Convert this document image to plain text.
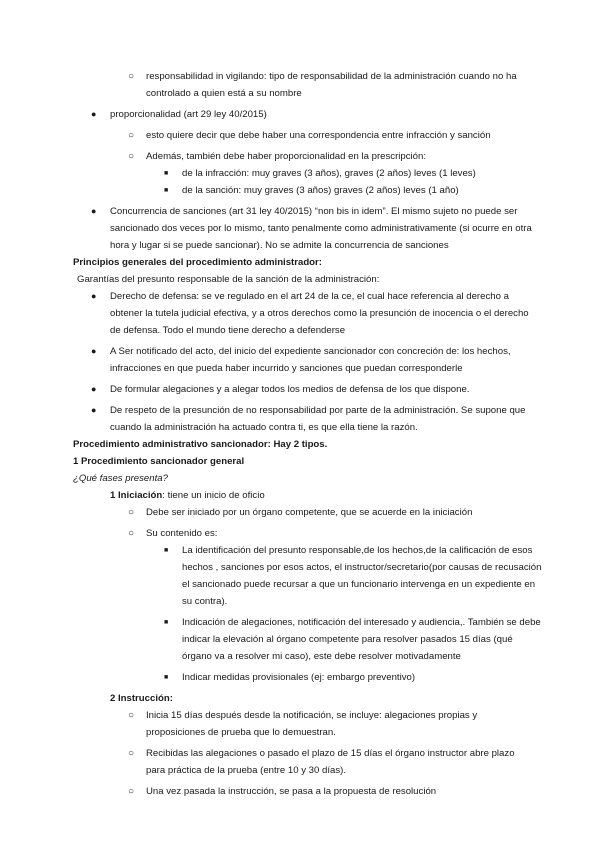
○ responsabilidad in vigilando: tipo de responsabilidad de la administración cuando no ha controlado a quien está a su nombre
● proporcionalidad (art 29 ley 40/2015)
○ esto quiere decir que debe haber una correspondencia entre infracción y sanción
○ Además, también debe haber proporcionalidad en la prescripción:
■ de la infracción: muy graves (3 años), graves (2 años) leves (1 leves)
■ de la sanción: muy graves (3 años) graves (2 años) leves (1 año)
● Concurrencia de sanciones (art 31 ley 40/2015) “non bis in idem”. El mismo sujeto no puede ser sancionado dos veces por lo mismo, tanto penalmente como administrativamente (si ocurre en otra hora y lugar si se puede sancionar). No se admite la concurrencia de sanciones
Principios generales del procedimiento administrador:
Garantías del presunto responsable de la sanción de la administración:
● Derecho de defensa: se ve regulado en el art 24 de la ce, el cual hace referencia al derecho a obtener la tutela judicial efectiva, y a otros derechos como la presunción de inocencia o el derecho de defensa. Todo el mundo tiene derecho a defenderse
● A Ser notificado del acto, del inicio del expediente sancionador con concreción de: los hechos, infracciones en que pueda haber incurrido y sanciones que puedan corresponderle
● De formular alegaciones y a alegar todos los medios de defensa de los que dispone.
● De respeto de la presunción de no responsabilidad por parte de la administración. Se supone que cuando la administración ha actuado contra ti, es que ella tiene la razón.
Procedimiento administrativo sancionador: Hay 2 tipos.
1 Procedimiento sancionador general
¿Qué fases presenta?
1 Iniciación: tiene un inicio de oficio
○ Debe ser iniciado por un órgano competente, que se acuerde en la iniciación
○ Su contenido es:
■ La identificación del presunto responsable,de los hechos,de la calificación de esos hechos , sanciones por esos actos, el instructor/secretario(por causas de recusación el sancionado puede recursar a que un funcionario intervenga en un expediente en su contra).
■ Indicación de alegaciones, notificación del interesado y audiencia,. También se debe indicar la elevación al órgano competente para resolver pasados 15 días (qué órgano va a resolver mi caso), este debe resolver motivadamente
■ Indicar medidas provisionales (ej: embargo preventivo)
2 Instrucción:
○ Inicia 15 días después desde la notificación, se incluye: alegaciones propias y proposiciones de prueba que lo demuestran.
○ Recibidas las alegaciones o pasado el plazo de 15 días el órgano instructor abre plazo para práctica de la prueba (entre 10 y 30 días).
○ Una vez pasada la instrucción, se pasa a la propuesta de resolución
